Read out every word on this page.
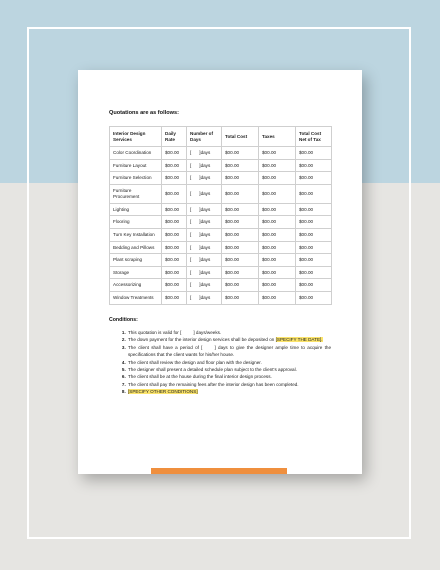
Quotations are as follows:
Interior Design Services	Daily Rate	Number of Days	Total Cost	Taxes	Total Cost Net of Tax
Color Coordination	$00.00	[ ]days	$00.00	$00.00	$00.00
Furniture Layout	$00.00	[ ]days	$00.00	$00.00	$00.00
Furniture Selection	$00.00	[ ]days	$00.00	$00.00	$00.00
Furniture Procurement	$00.00	[ ]days	$00.00	$00.00	$00.00
Lighting	$00.00	[ ]days	$00.00	$00.00	$00.00
Flooring	$00.00	[ ]days	$00.00	$00.00	$00.00
Turn Key Installation	$00.00	[ ]days	$00.00	$00.00	$00.00
Bedding and Pillows	$00.00	[ ]days	$00.00	$00.00	$00.00
Plant scraping	$00.00	[ ]days	$00.00	$00.00	$00.00
Storage	$00.00	[ ]days	$00.00	$00.00	$00.00
Accessorizing	$00.00	[ ]days	$00.00	$00.00	$00.00
Window Treatments	$00.00	[ ]days	$00.00	$00.00	$00.00
Conditions:
1. This quotation is valid for [	] days/weeks.
2. The down payment for the interior design services shall be deposited on [SPECIFY THE DATE].
3. The client shall have a period of [	] days to give the designer ample time to acquire the specifications that the client wants for his/her house.
4. The client shall review the design and floor plan with the designer.
5. The designer shall present a detailed schedule plan subject to the client's approval.
6. The client shall be at the house during the final interior design process.
7. The client shall pay the remaining fees after the interior design has been completed.
8. [SPECIFY OTHER CONDITIONS]
